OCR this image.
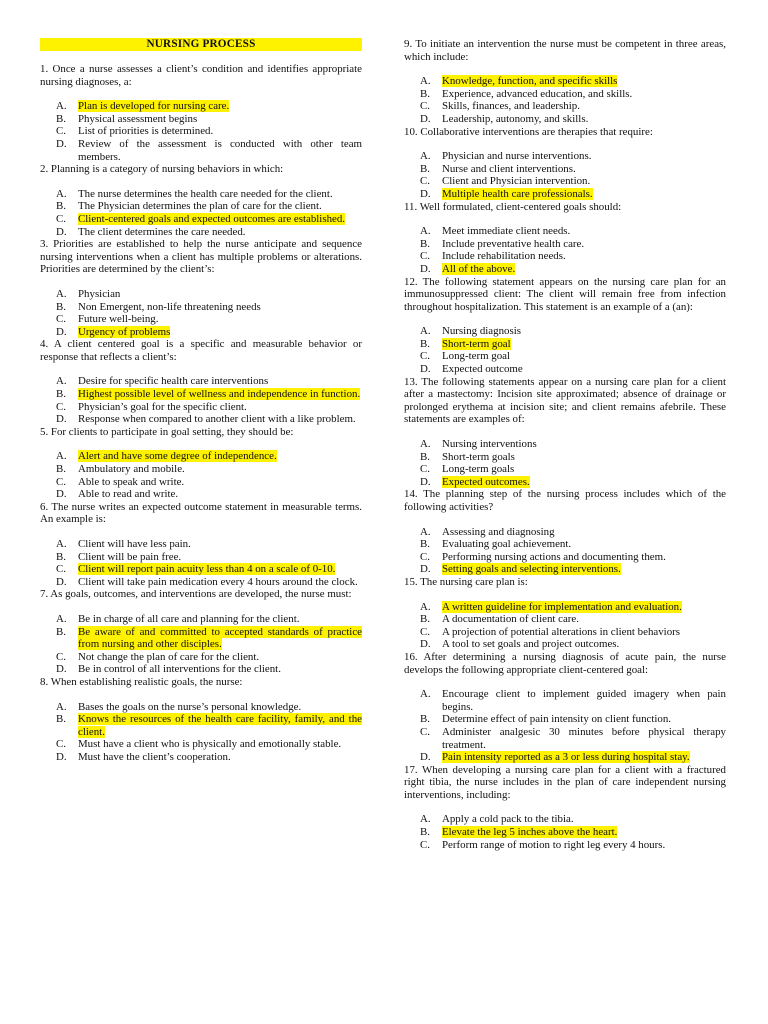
NURSING PROCESS
1. Once a nurse assesses a client’s condition and identifies appropriate nursing diagnoses, a:
A. Plan is developed for nursing care.
B. Physical assessment begins
C. List of priorities is determined.
D. Review of the assessment is conducted with other team members.
2. Planning is a category of nursing behaviors in which:
A. The nurse determines the health care needed for the client.
B. The Physician determines the plan of care for the client.
C. Client-centered goals and expected outcomes are established.
D. The client determines the care needed.
3. Priorities are established to help the nurse anticipate and sequence nursing interventions when a client has multiple problems or alterations. Priorities are determined by the client’s:
A. Physician
B. Non Emergent, non-life threatening needs
C. Future well-being.
D. Urgency of problems
4. A client centered goal is a specific and measurable behavior or response that reflects a client’s:
A. Desire for specific health care interventions
B. Highest possible level of wellness and independence in function.
C. Physician’s goal for the specific client.
D. Response when compared to another client with a like problem.
5. For clients to participate in goal setting, they should be:
A. Alert and have some degree of independence.
B. Ambulatory and mobile.
C. Able to speak and write.
D. Able to read and write.
6. The nurse writes an expected outcome statement in measurable terms. An example is:
A. Client will have less pain.
B. Client will be pain free.
C. Client will report pain acuity less than 4 on a scale of 0-10.
D. Client will take pain medication every 4 hours around the clock.
7. As goals, outcomes, and interventions are developed, the nurse must:
A. Be in charge of all care and planning for the client.
B. Be aware of and committed to accepted standards of practice from nursing and other disciples.
C. Not change the plan of care for the client.
D. Be in control of all interventions for the client.
8. When establishing realistic goals, the nurse:
A. Bases the goals on the nurse’s personal knowledge.
B. Knows the resources of the health care facility, family, and the client.
C. Must have a client who is physically and emotionally stable.
D. Must have the client’s cooperation.
9. To initiate an intervention the nurse must be competent in three areas, which include:
A. Knowledge, function, and specific skills
B. Experience, advanced education, and skills.
C. Skills, finances, and leadership.
D. Leadership, autonomy, and skills.
10. Collaborative interventions are therapies that require:
A. Physician and nurse interventions.
B. Nurse and client interventions.
C. Client and Physician intervention.
D. Multiple health care professionals.
11. Well formulated, client-centered goals should:
A. Meet immediate client needs.
B. Include preventative health care.
C. Include rehabilitation needs.
D. All of the above.
12. The following statement appears on the nursing care plan for an immunosuppressed client: The client will remain free from infection throughout hospitalization. This statement is an example of a (an):
A. Nursing diagnosis
B. Short-term goal
C. Long-term goal
D. Expected outcome
13. The following statements appear on a nursing care plan for a client after a mastectomy: Incision site approximated; absence of drainage or prolonged erythema at incision site; and client remains afebrile. These statements are examples of:
A. Nursing interventions
B. Short-term goals
C. Long-term goals
D. Expected outcomes.
14. The planning step of the nursing process includes which of the following activities?
A. Assessing and diagnosing
B. Evaluating goal achievement.
C. Performing nursing actions and documenting them.
D. Setting goals and selecting interventions.
15. The nursing care plan is:
A. A written guideline for implementation and evaluation.
B. A documentation of client care.
C. A projection of potential alterations in client behaviors
D. A tool to set goals and project outcomes.
16. After determining a nursing diagnosis of acute pain, the nurse develops the following appropriate client-centered goal:
A. Encourage client to implement guided imagery when pain begins.
B. Determine effect of pain intensity on client function.
C. Administer analgesic 30 minutes before physical therapy treatment.
D. Pain intensity reported as a 3 or less during hospital stay.
17. When developing a nursing care plan for a client with a fractured right tibia, the nurse includes in the plan of care independent nursing interventions, including:
A. Apply a cold pack to the tibia.
B. Elevate the leg 5 inches above the heart.
C. Perform range of motion to right leg every 4 hours.
